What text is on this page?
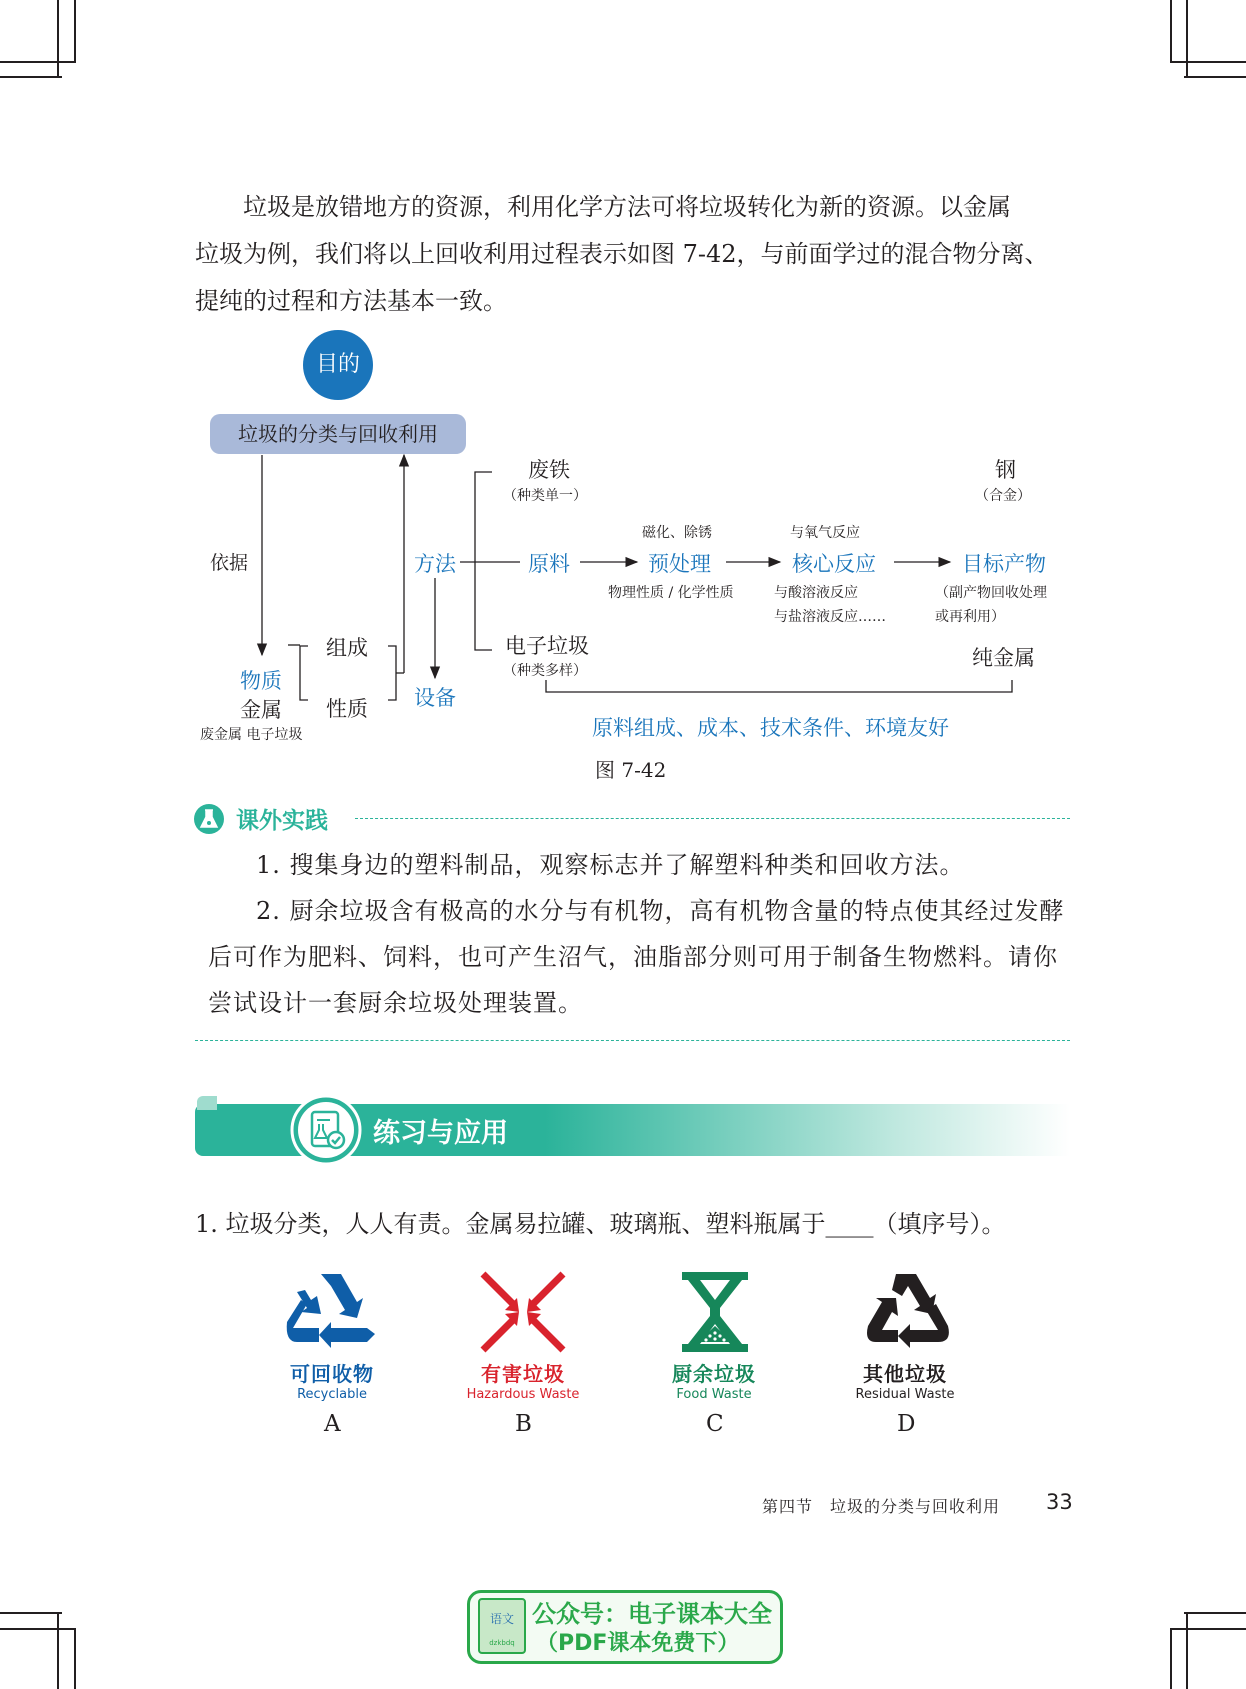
垃圾是放错地方的资源，利用化学方法可将垃圾转化为新的资源。以金属

垃圾为例，我们将以上回收利用过程表示如图 7-42，与前面学过的混合物分离、

提纯的过程和方法基本一致。

目的
垃圾的分类与回收利用
依据	方法
设备
物质
金属
废金属 电子垃圾
组成
性质
废铁
（种类单一）
电子垃圾
（种类多样）
原料
磁化、除锈
预处理
物理性质 / 化学性质
与氧气反应
核心反应
与酸溶液反应
与盐溶液反应……
目标产物
（副产物回收处理
或再利用）
钢
（合金）
纯金属
原料组成、成本、技术条件、环境友好
图 7-42
课外实践

1. 搜集身边的塑料制品，观察标志并了解塑料种类和回收方法。

2. 厨余垃圾含有极高的水分与有机物，高有机物含量的特点使其经过发酵

后可作为肥料、饲料，也可产生沼气，油脂部分则可用于制备生物燃料。请你

尝试设计一套厨余垃圾处理装置。

练习与应用

1. 垃圾分类，人人有责。金属易拉罐、玻璃瓶、塑料瓶属于____（填序号）。

可回收物
Recyclable
有害垃圾
Hazardous Waste
厨余垃圾
Food Waste
其他垃圾
Residual Waste
A	B	C	D
第四节　垃圾的分类与回收利用 33
语文
dzkbdq
公众号：电子课本大全
（PDF课本免费下）
